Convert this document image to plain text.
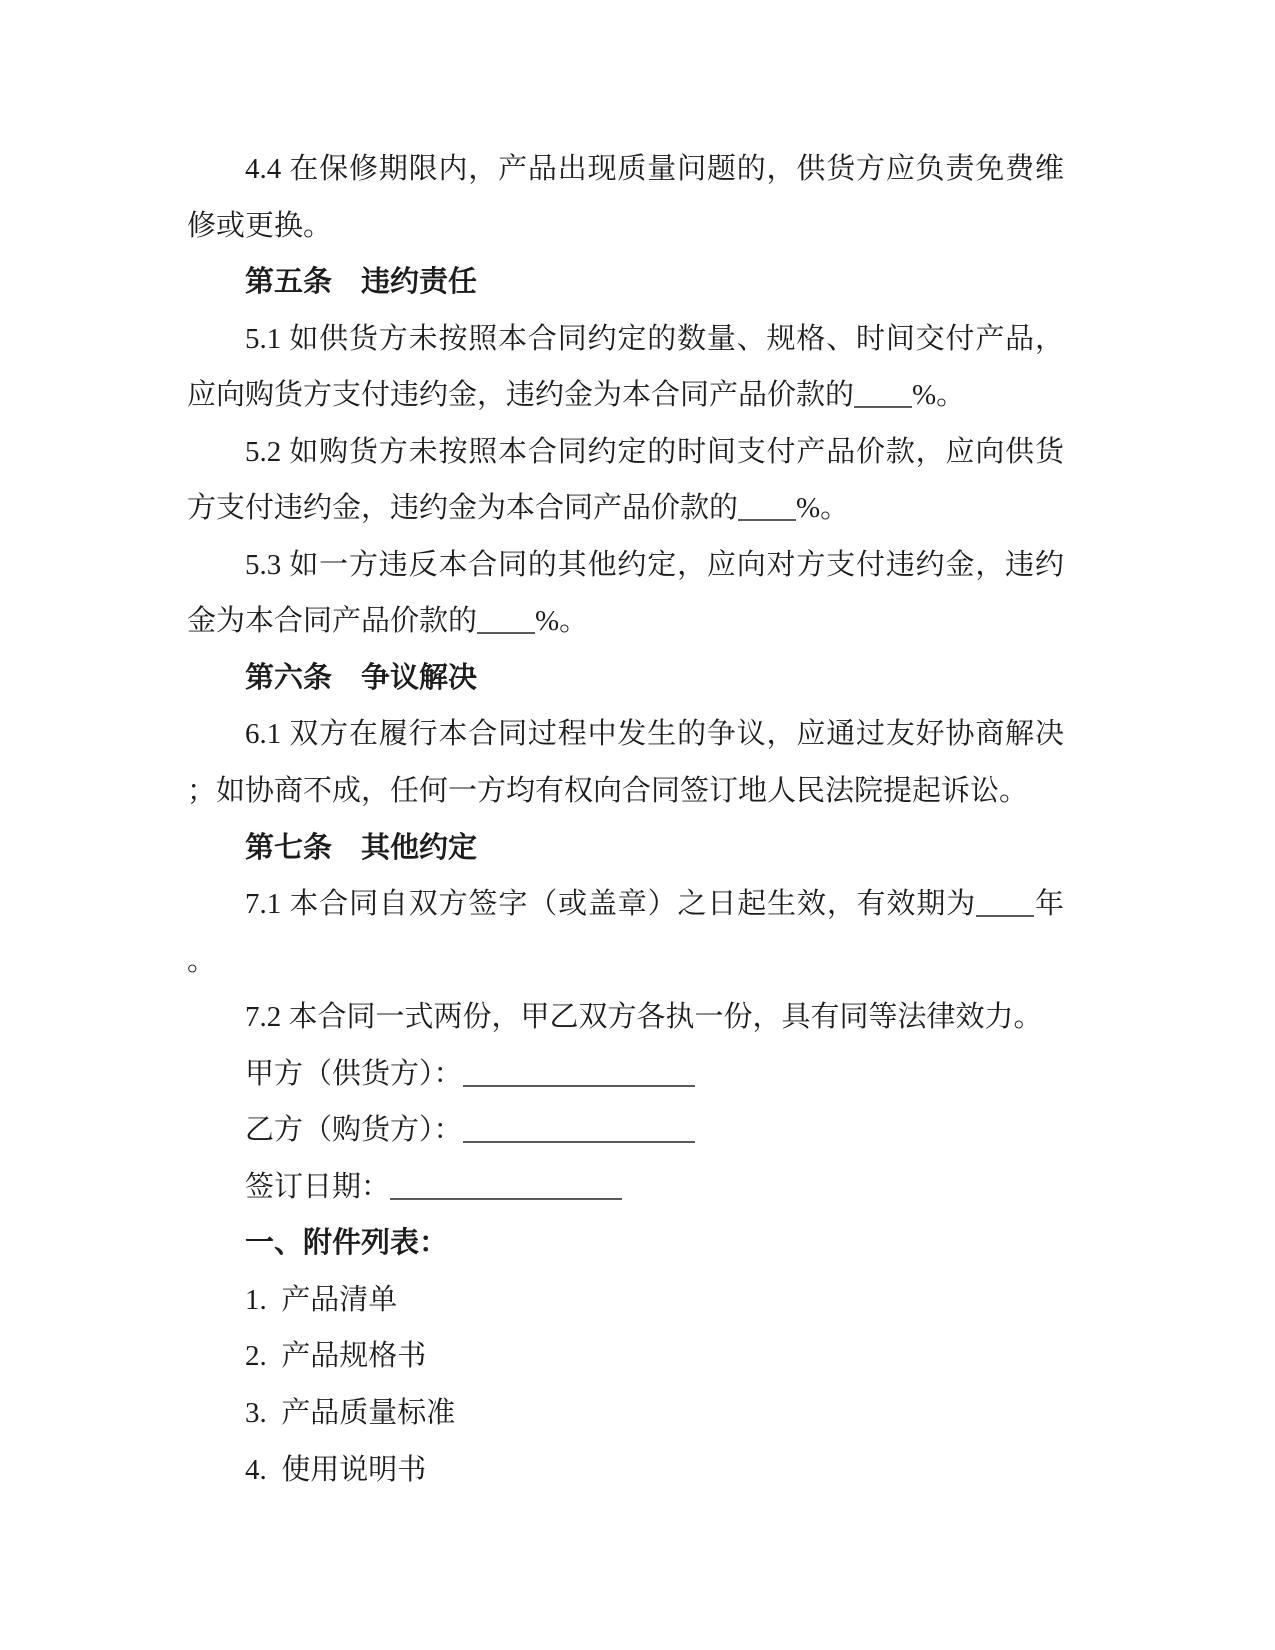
4.4 在保修期限内，产品出现质量问题的，供货方应负责免费维
修或更换。
第五条　违约责任
5.1 如供货方未按照本合同约定的数量、规格、时间交付产品，
应向购货方支付违约金，违约金为本合同产品价款的 %。
5.2 如购货方未按照本合同约定的时间支付产品价款，应向供货
方支付违约金，违约金为本合同产品价款的 %。
5.3 如一方违反本合同的其他约定，应向对方支付违约金，违约
金为本合同产品价款的 %。
第六条　争议解决
6.1 双方在履行本合同过程中发生的争议，应通过友好协商解决
；如协商不成，任何一方均有权向合同签订地人民法院提起诉讼。
第七条　其他约定
7.1 本合同自双方签字（或盖章）之日起生效，有效期为 年
。
7.2 本合同一式两份，甲乙双方各执一份，具有同等法律效力。
甲方（供货方）：
乙方（购货方）：
签订日期：
一、附件列表：
1.  产品清单
2.  产品规格书
3.  产品质量标准
4.  使用说明书
